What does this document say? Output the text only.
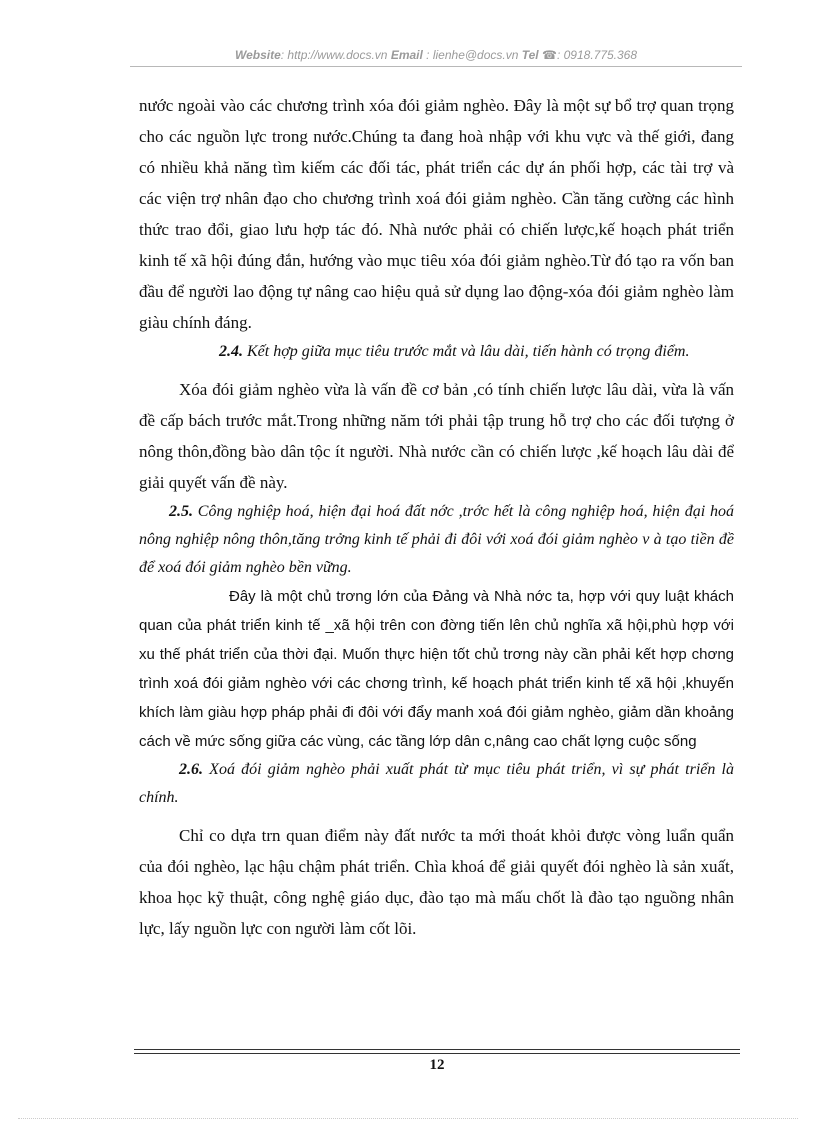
Website: http://www.docs.vn Email : lienhe@docs.vn Tel ☎: 0918.775.368

nước ngoài vào các chương trình xóa đói giảm nghèo. Đây là một sự bổ trợ quan trọng cho các nguồn lực trong nước.Chúng ta đang hoà nhập với khu vực và thế giới, đang có nhiều khả năng tìm kiếm các đối tác, phát triển các dự án phối hợp, các tài trợ và các viện trợ nhân đạo cho chương trình xoá đói giảm nghèo. Cần tăng cường các hình thức trao đổi, giao lưu hợp tác đó. Nhà nước phải có chiến lược,kế hoạch phát triển kinh tế xã hội đúng đắn, hướng vào mục tiêu xóa đói giảm nghèo.Từ đó tạo ra vốn ban đầu để người lao động tự nâng cao hiệu quả sử dụng lao động-xóa đói giảm nghèo làm giàu chính đáng.

2.4. Kết hợp giữa mục tiêu trước mắt và lâu dài, tiến hành có trọng điểm.

Xóa đói giảm nghèo vừa là vấn đề cơ bản ,có tính chiến lược lâu dài, vừa là vấn đề cấp bách trước mắt.Trong những năm tới phải tập trung hỗ trợ cho các đối tượng ở nông thôn,đồng bào dân tộc ít người. Nhà nước cần có chiến lược ,kế hoạch lâu dài để giải quyết vấn đề này.

2.5. Công nghiệp hoá, hiện đại hoá đất nớc ,trớc hết là công nghiệp hoá, hiện đại hoá nông nghiệp nông thôn,tăng trởng kinh tế phải đi đôi với xoá đói giảm nghèo v à tạo tiền đề để xoá đói giảm nghèo bền vững.

Đây là một chủ trơng lớn của Đảng và Nhà nớc ta, hợp với quy luật khách quan của phát triển kinh tế _xã hội trên con đờng tiến lên chủ nghĩa xã hội,phù hợp với xu thế phát triển của thời đại. Muốn thực hiện tốt chủ trơng này cần phải kết hợp chơng trình xoá đói giảm nghèo với các chơng trình, kế hoạch phát triển kinh tế xã hội ,khuyến khích làm giàu hợp pháp phải đi đôi với đẩy manh xoá đói giảm nghèo, giảm dần khoảng cách về mức sống giữa các vùng, các tầng lớp dân c,nâng cao chất lợng cuộc sống

2.6. Xoá đói giảm nghèo phải xuất phát từ mục tiêu phát triển, vì sự phát triển là chính.

Chỉ co dựa trn quan điểm này đất nước ta mới thoát khỏi được vòng luẩn quẩn của đói nghèo, lạc hậu chậm phát triển. Chìa khoá để giải quyết đói nghèo là sản xuất, khoa học kỹ thuật, công nghệ giáo dục, đào tạo mà mấu chốt là đào tạo nguồng nhân lực, lấy nguồn lực con người làm cốt lõi.

12
